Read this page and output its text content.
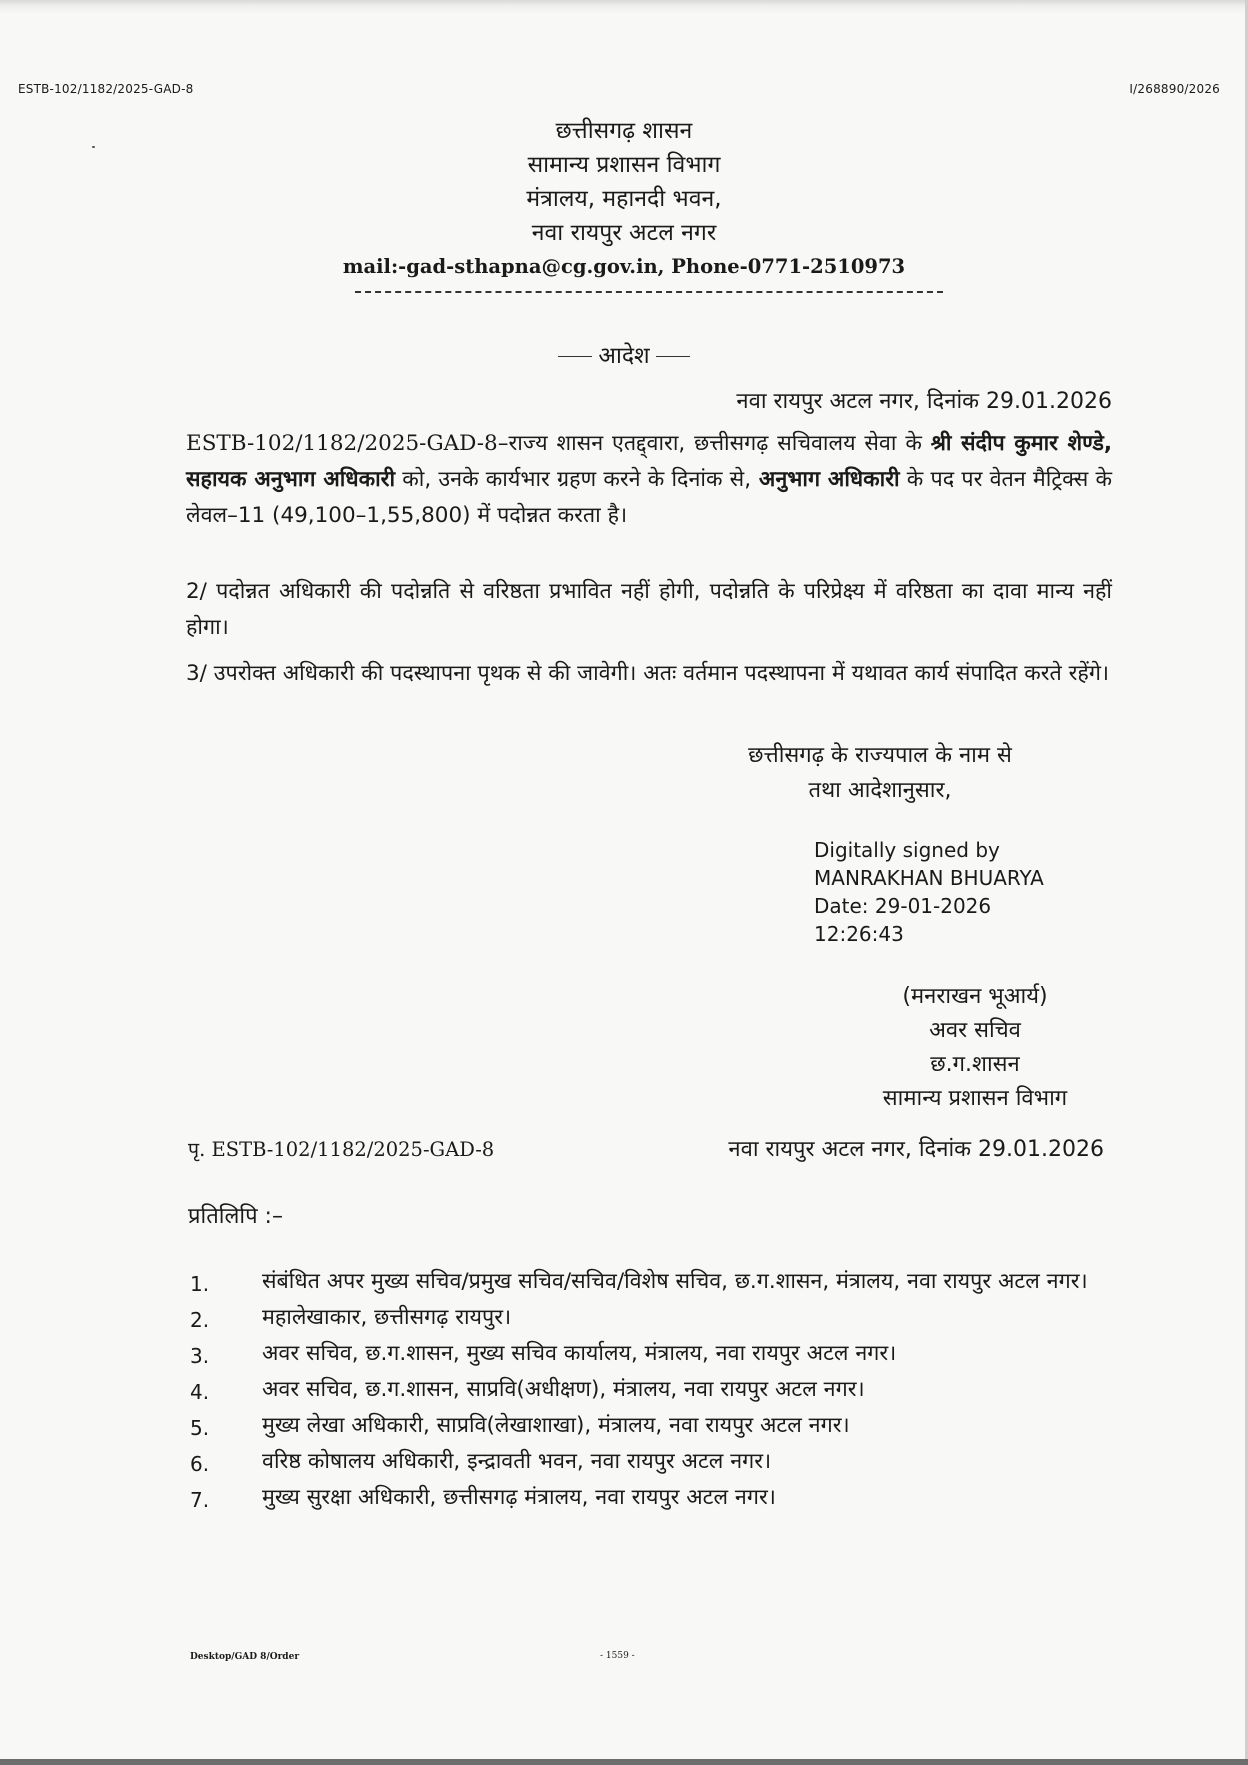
ESTB-102/1182/2025-GAD-8	I/268890/2026
छत्तीसगढ़ शासन
सामान्य प्रशासन विभाग
मंत्रालय, महानदी भवन,
नवा रायपुर अटल नगर
mail:-gad-sthapna@cg.gov.in, Phone-0771-2510973
आदेश
नवा रायपुर अटल नगर, दिनांक 29.01.2026
ESTB-102/1182/2025-GAD-8–राज्य शासन एतद्द्वारा, छत्तीसगढ़ सचिवालय सेवा के श्री संदीप कुमार शेण्डे, सहायक अनुभाग अधिकारी को, उनके कार्यभार ग्रहण करने के दिनांक से, अनुभाग अधिकारी के पद पर वेतन मैट्रिक्स के लेवल–11 (49,100–1,55,800) में पदोन्नत करता है।
2/ पदोन्नत अधिकारी की पदोन्नति से वरिष्ठता प्रभावित नहीं होगी, पदोन्नति के परिप्रेक्ष्य में वरिष्ठता का दावा मान्य नहीं होगा।
3/ उपरोक्त अधिकारी की पदस्थापना पृथक से की जावेगी। अतः वर्तमान पदस्थापना में यथावत कार्य संपादित करते रहेंगे।
छत्तीसगढ़ के राज्यपाल के नाम से
तथा आदेशानुसार,
Digitally signed by
MANRAKHAN BHUARYA
Date: 29-01-2026
12:26:43
(मनराखन भूआर्य)
अवर सचिव
छ.ग.शासन
सामान्य प्रशासन विभाग
पृ. ESTB-102/1182/2025-GAD-8	नवा रायपुर अटल नगर, दिनांक 29.01.2026
प्रतिलिपि :–
1. संबंधित अपर मुख्य सचिव/प्रमुख सचिव/सचिव/विशेष सचिव, छ.ग.शासन, मंत्रालय, नवा रायपुर अटल नगर।
2. महालेखाकार, छत्तीसगढ़ रायपुर।
3. अवर सचिव, छ.ग.शासन, मुख्य सचिव कार्यालय, मंत्रालय, नवा रायपुर अटल नगर।
4. अवर सचिव, छ.ग.शासन, साप्रवि(अधीक्षण), मंत्रालय, नवा रायपुर अटल नगर।
5. मुख्य लेखा अधिकारी, साप्रवि(लेखाशाखा), मंत्रालय, नवा रायपुर अटल नगर।
6. वरिष्ठ कोषालय अधिकारी, इन्द्रावती भवन, नवा रायपुर अटल नगर।
7. मुख्य सुरक्षा अधिकारी, छत्तीसगढ़ मंत्रालय, नवा रायपुर अटल नगर।
Desktop/GAD 8/Order	- 1559 -
